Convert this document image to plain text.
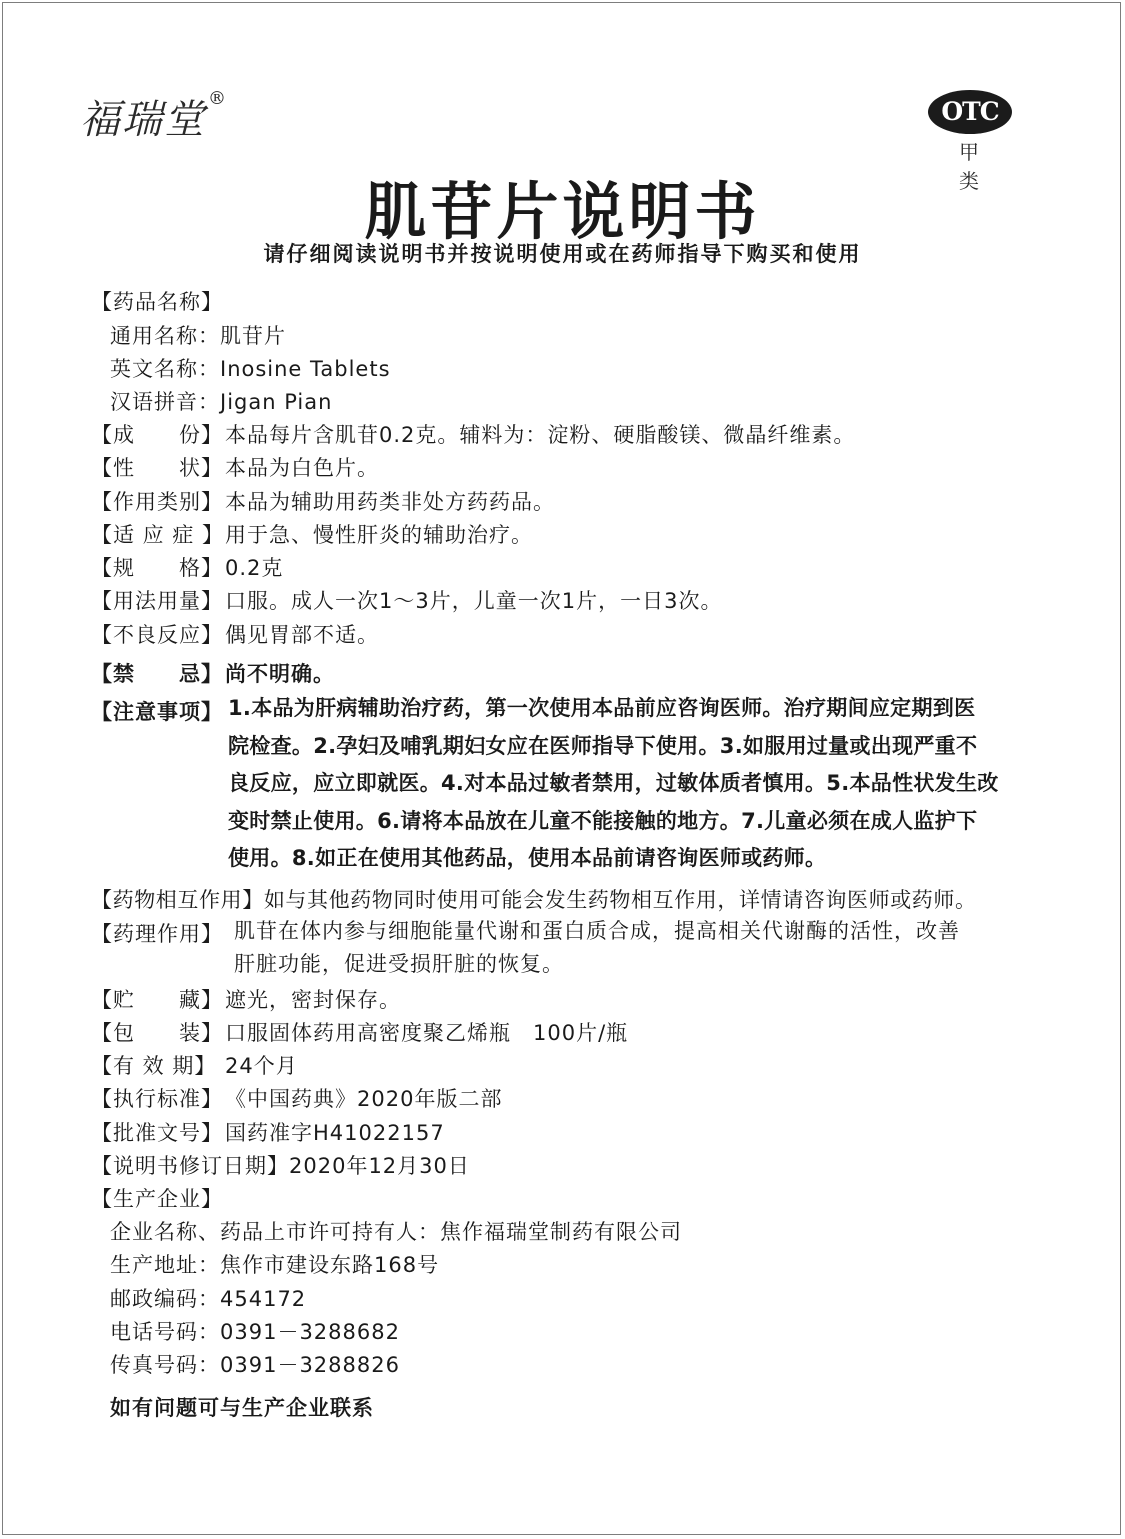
福瑞堂 ®	OTC
甲类
肌苷片说明书
请仔细阅读说明书并按说明使用或在药师指导下购买和使用
【药品名称】
通用名称：肌苷片
英文名称：Inosine Tablets
汉语拼音：Jigan Pian
【成　　份】本品每片含肌苷0.2克。辅料为：淀粉、硬脂酸镁、微晶纤维素。
【性　　状】本品为白色片。
【作用类别】本品为辅助用药类非处方药药品。
【适 应 症 】用于急、慢性肝炎的辅助治疗。
【规　　格】0.2克
【用法用量】口服。成人一次1～3片，儿童一次1片，一日3次。
【不良反应】偶见胃部不适。
【禁　　忌】尚不明确。
【注意事项】 1.本品为肝病辅助治疗药，第一次使用本品前应咨询医师。治疗期间应定期到医
院检查。2.孕妇及哺乳期妇女应在医师指导下使用。3.如服用过量或出现严重不
良反应，应立即就医。4.对本品过敏者禁用，过敏体质者慎用。5.本品性状发生改
变时禁止使用。6.请将本品放在儿童不能接触的地方。7.儿童必须在成人监护下
使用。8.如正在使用其他药品，使用本品前请咨询医师或药师。
【药物相互作用】如与其他药物同时使用可能会发生药物相互作用，详情请咨询医师或药师。
【药理作用】 肌苷在体内参与细胞能量代谢和蛋白质合成，提高相关代谢酶的活性，改善
肝脏功能，促进受损肝脏的恢复。
【贮　　藏】遮光，密封保存。
【包　　装】口服固体药用高密度聚乙烯瓶　100片/瓶
【有 效 期】 24个月
【执行标准】《中国药典》2020年版二部
【批准文号】国药准字H41022157
【说明书修订日期】2020年12月30日
【生产企业】
企业名称、药品上市许可持有人：焦作福瑞堂制药有限公司
生产地址：焦作市建设东路168号
邮政编码：454172
电话号码：0391－3288682
传真号码：0391－3288826
如有问题可与生产企业联系
